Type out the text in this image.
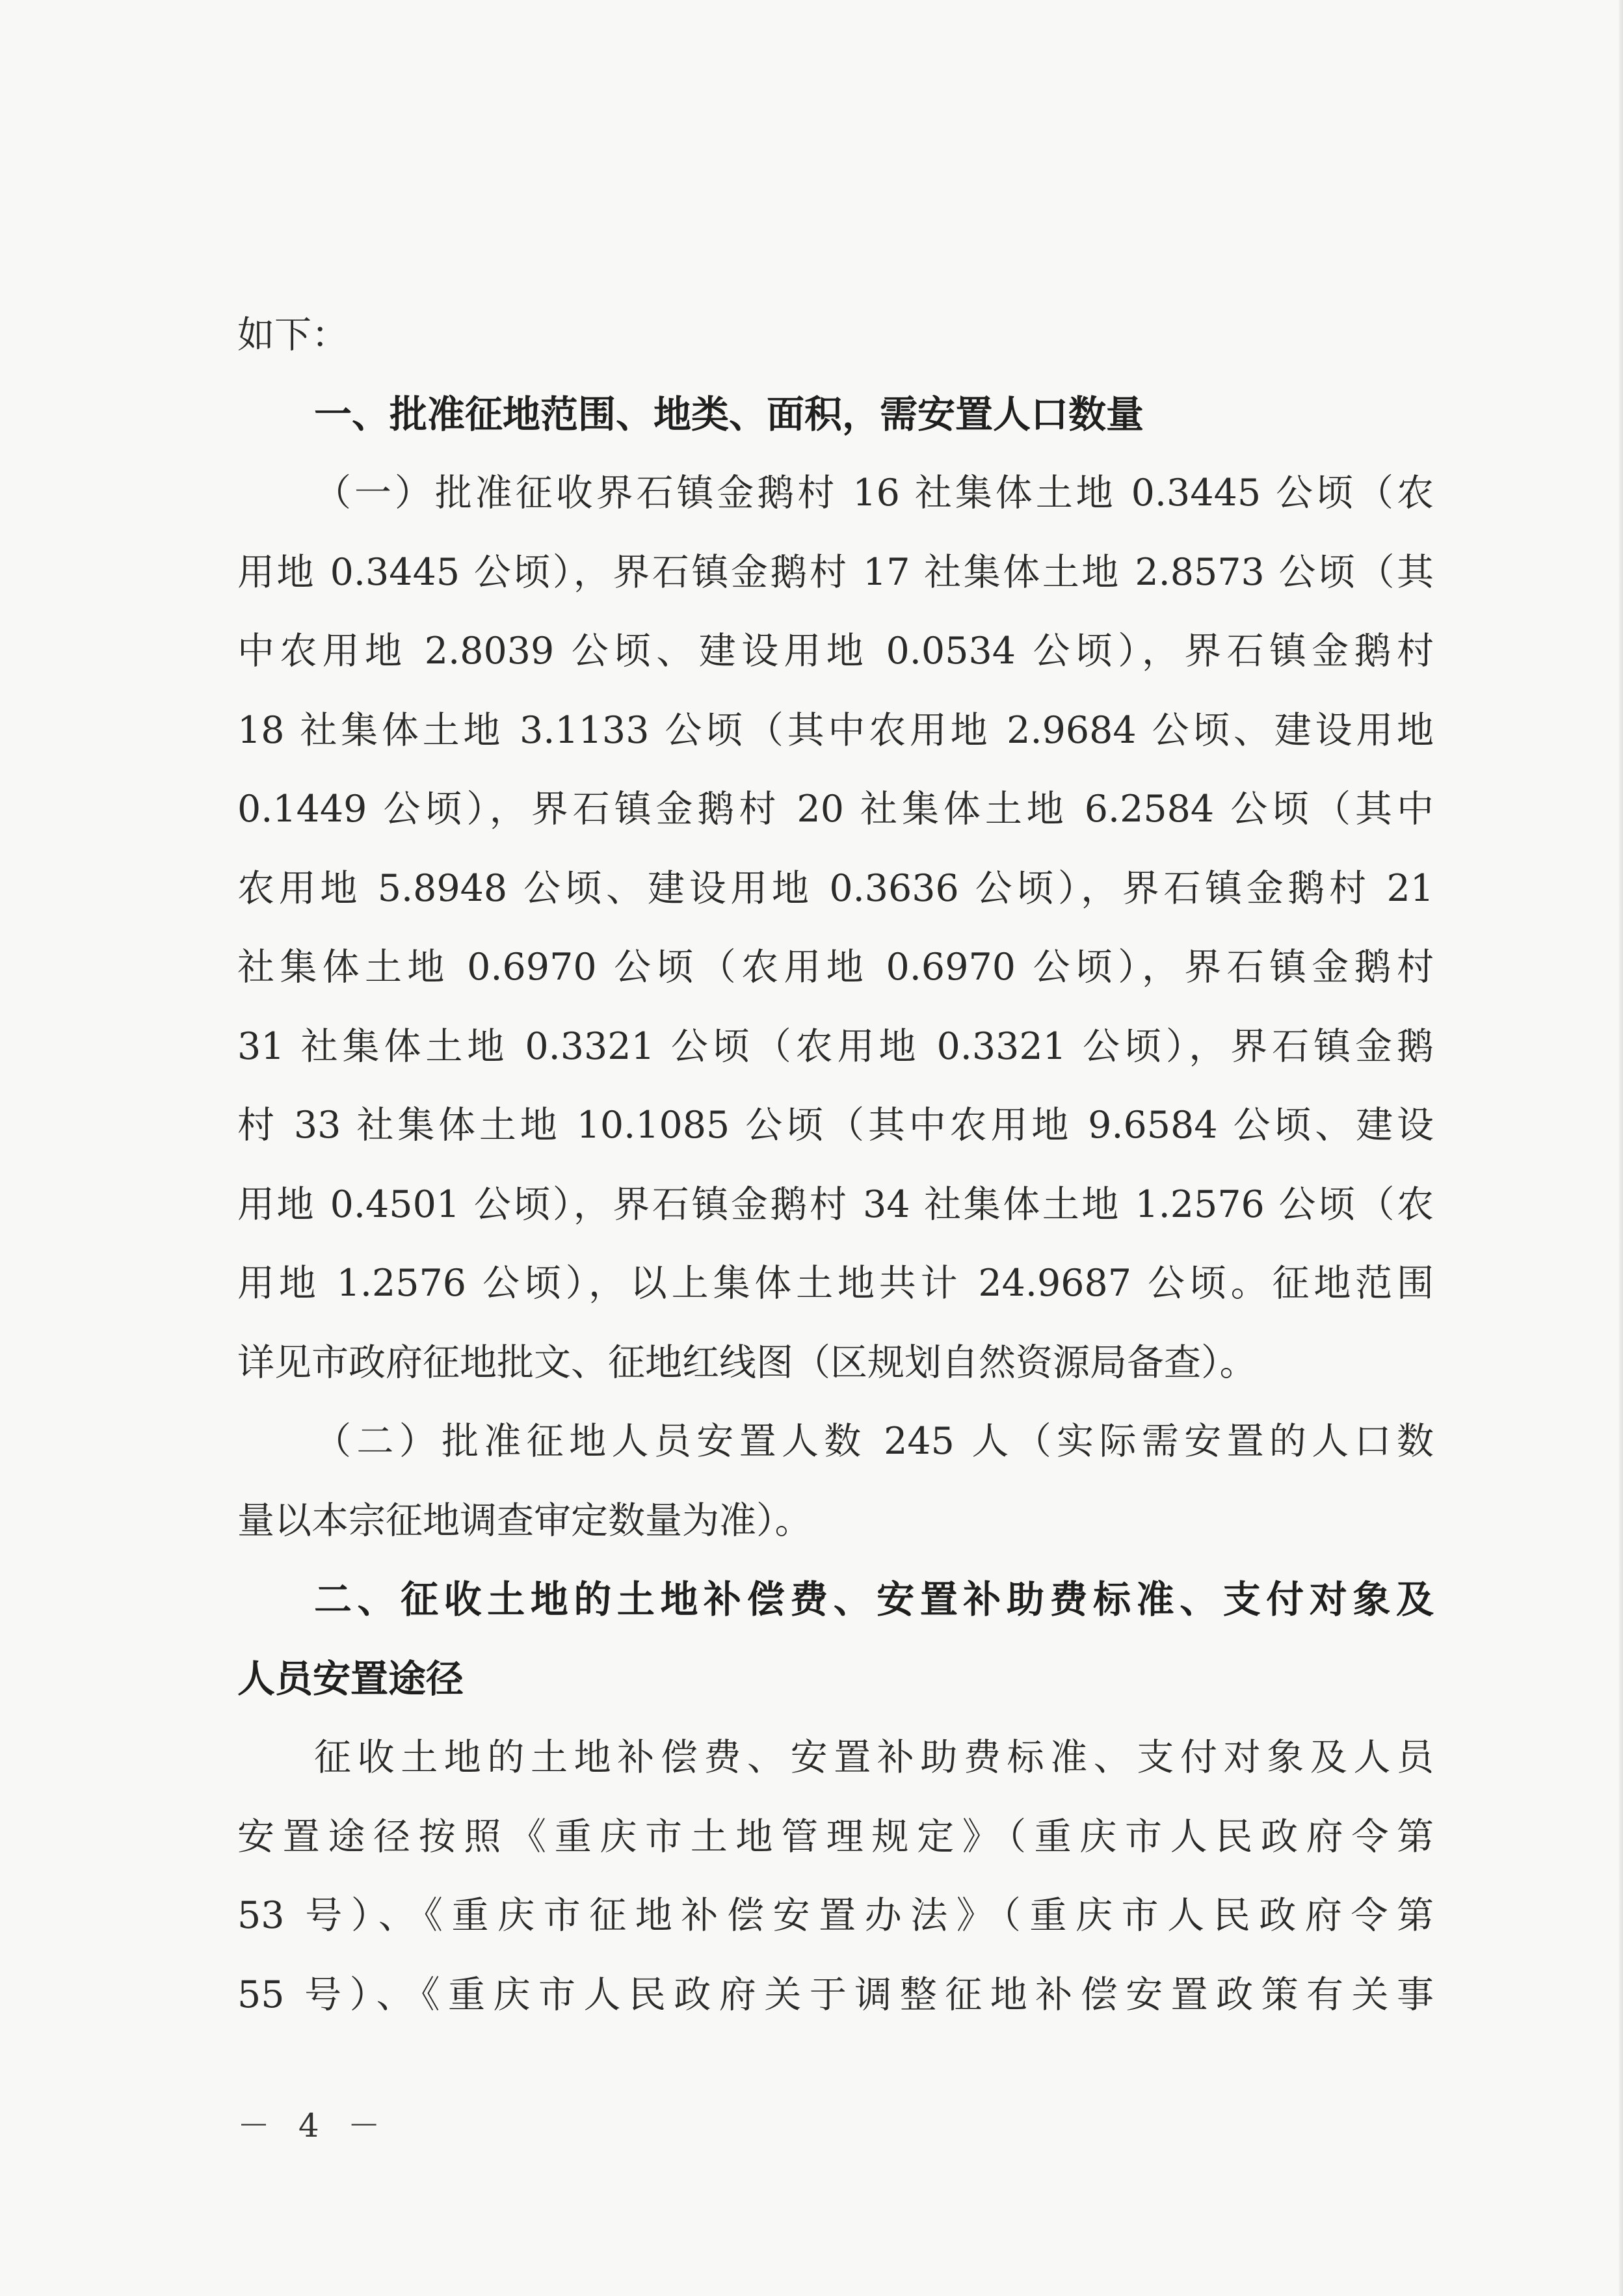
如下：
一、批准征地范围、地类、面积，需安置人口数量
（一）批准征收界石镇金鹅村 16 社集体土地 0.3445 公顷（农
用地 0.3445 公顷），界石镇金鹅村 17 社集体土地 2.8573 公顷（其
中农用地 2.8039 公顷、建设用地 0.0534 公顷），界石镇金鹅村
18 社集体土地 3.1133 公顷（其中农用地 2.9684 公顷、建设用地
0.1449 公顷），界石镇金鹅村 20 社集体土地 6.2584 公顷（其中
农用地 5.8948 公顷、建设用地 0.3636 公顷），界石镇金鹅村 21
社集体土地 0.6970 公顷（农用地 0.6970 公顷），界石镇金鹅村
31 社集体土地 0.3321 公顷（农用地 0.3321 公顷），界石镇金鹅
村 33 社集体土地 10.1085 公顷（其中农用地 9.6584 公顷、建设
用地 0.4501 公顷），界石镇金鹅村 34 社集体土地 1.2576 公顷（农
用地 1.2576 公顷），以上集体土地共计 24.9687 公顷。征地范围
详见市政府征地批文、征地红线图（区规划自然资源局备查）。
（二）批准征地人员安置人数 245 人（实际需安置的人口数
量以本宗征地调查审定数量为准）。
二、征收土地的土地补偿费、安置补助费标准、支付对象及
人员安置途径
征收土地的土地补偿费、安置补助费标准、支付对象及人员
安置途径按照《重庆市土地管理规定》（重庆市人民政府令第
53 号）、《重庆市征地补偿安置办法》（重庆市人民政府令第
55 号）、《重庆市人民政府关于调整征地补偿安置政策有关事
－ 4 －
